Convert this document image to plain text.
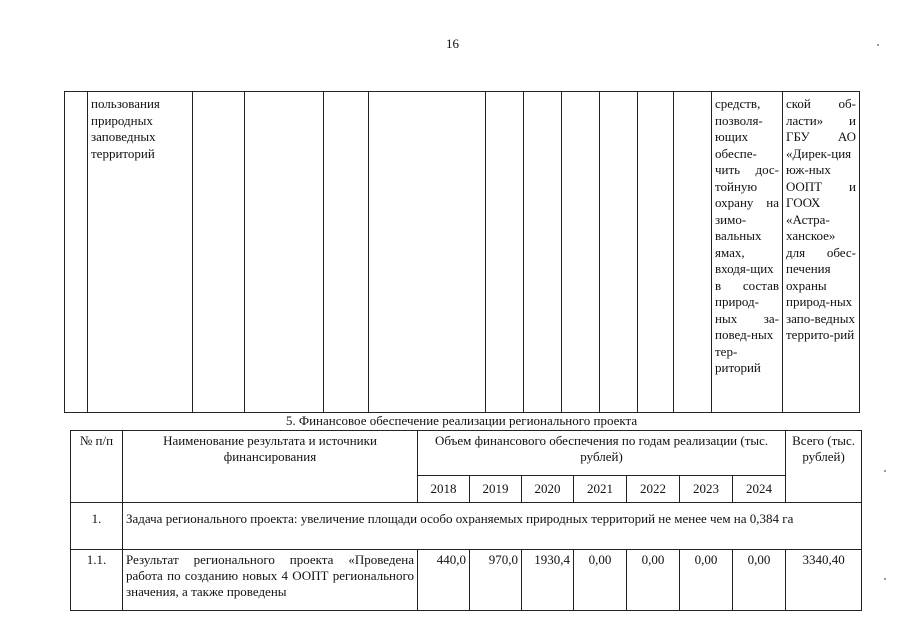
16
	пользования природных заповедных территорий											средств, позволя-ющих обеспе-чить дос-тойную охрану на зимо-вальных ямах, входя-щих в состав природ-ных за-повед-ных тер-риторий	ской об-ласти» и ГБУ АО «Дирек-ция юж-ных ООПТ и ГООХ «Астра-ханское» для обес-печения охраны природ-ных запо-ведных террито-рий
5. Финансовое обеспечение реализации регионального проекта
№ п/п	Наименование результата и источники финансирования	Объем финансового обеспечения по годам реализации (тыс. рублей)							Всего (тыс. рублей)
		2018	2019	2020	2021	2022	2023	2024	
1.	Задача регионального проекта: увеличение площади особо охраняемых природных территорий не менее чем на 0,384 га								
1.1.	Результат регионального проекта «Проведена работа по созданию новых 4 ООПТ регионального значения, а также проведены	440,0	970,0	1930,4	0,00	0,00	0,00	0,00	3340,40
